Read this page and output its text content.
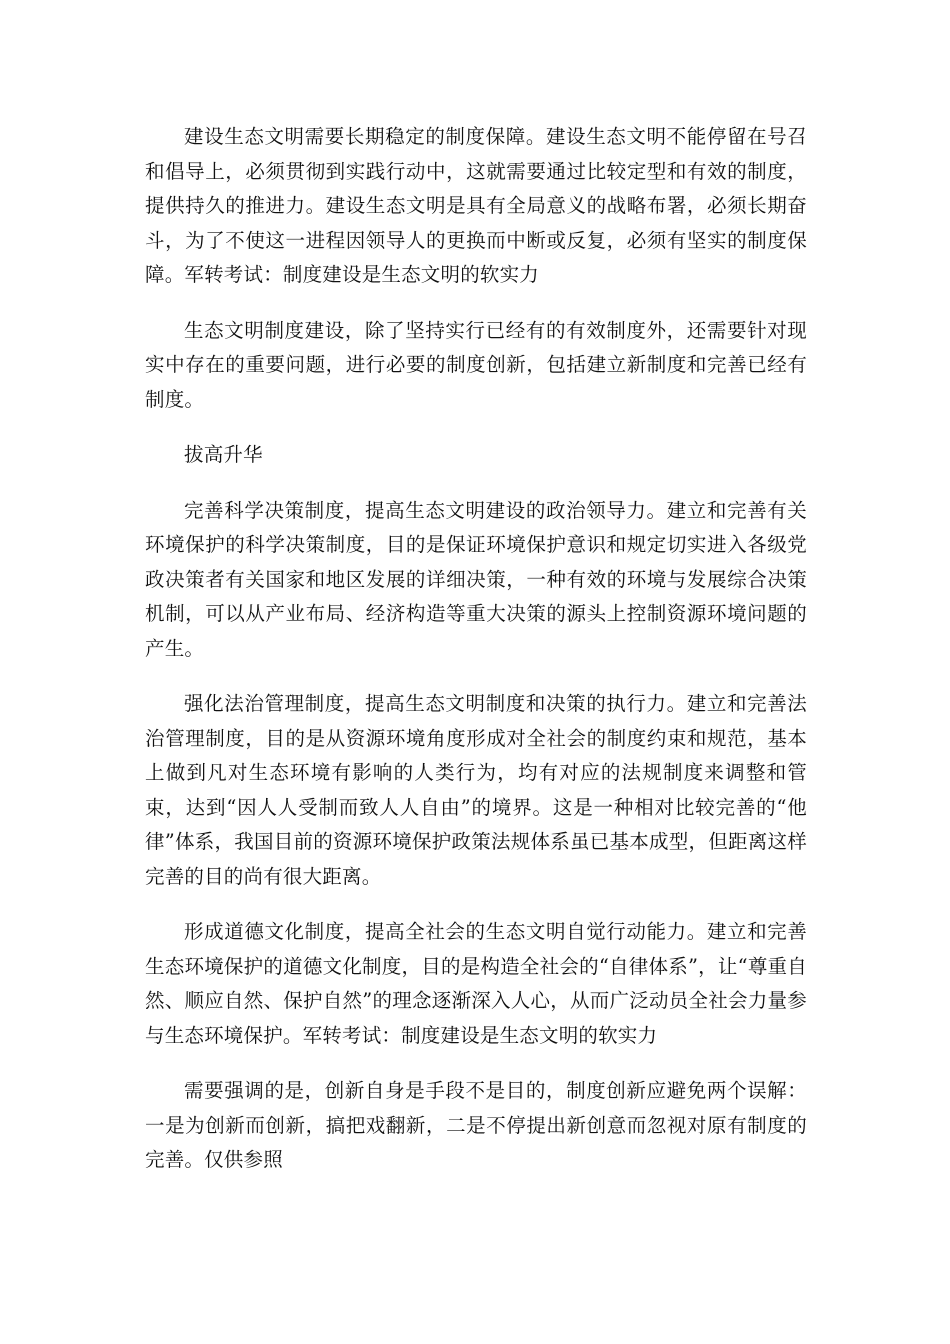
建设生态文明需要长期稳定的制度保障。建设生态文明不能停留在号召和倡导上，必须贯彻到实践行动中，这就需要通过比较定型和有效的制度，提供持久的推进力。建设生态文明是具有全局意义的战略布署，必须长期奋斗，为了不使这一进程因领导人的更换而中断或反复，必须有坚实的制度保障。军转考试：制度建设是生态文明的软实力

生态文明制度建设，除了坚持实行已经有的有效制度外，还需要针对现实中存在的重要问题，进行必要的制度创新，包括建立新制度和完善已经有制度。

拔高升华

完善科学决策制度，提高生态文明建设的政治领导力。建立和完善有关环境保护的科学决策制度，目的是保证环境保护意识和规定切实进入各级党政决策者有关国家和地区发展的详细决策，一种有效的环境与发展综合决策机制，可以从产业布局、经济构造等重大决策的源头上控制资源环境问题的产生。

强化法治管理制度，提高生态文明制度和决策的执行力。建立和完善法治管理制度，目的是从资源环境角度形成对全社会的制度约束和规范，基本上做到凡对生态环境有影响的人类行为，均有对应的法规制度来调整和管束，达到“因人人受制而致人人自由”的境界。这是一种相对比较完善的“他律”体系，我国目前的资源环境保护政策法规体系虽已基本成型，但距离这样完善的目的尚有很大距离。

形成道德文化制度，提高全社会的生态文明自觉行动能力。建立和完善生态环境保护的道德文化制度，目的是构造全社会的“自律体系”，让“尊重自然、顺应自然、保护自然”的理念逐渐深入人心，从而广泛动员全社会力量参与生态环境保护。军转考试：制度建设是生态文明的软实力

需要强调的是，创新自身是手段不是目的，制度创新应避免两个误解：一是为创新而创新，搞把戏翻新，二是不停提出新创意而忽视对原有制度的完善。仅供参照
